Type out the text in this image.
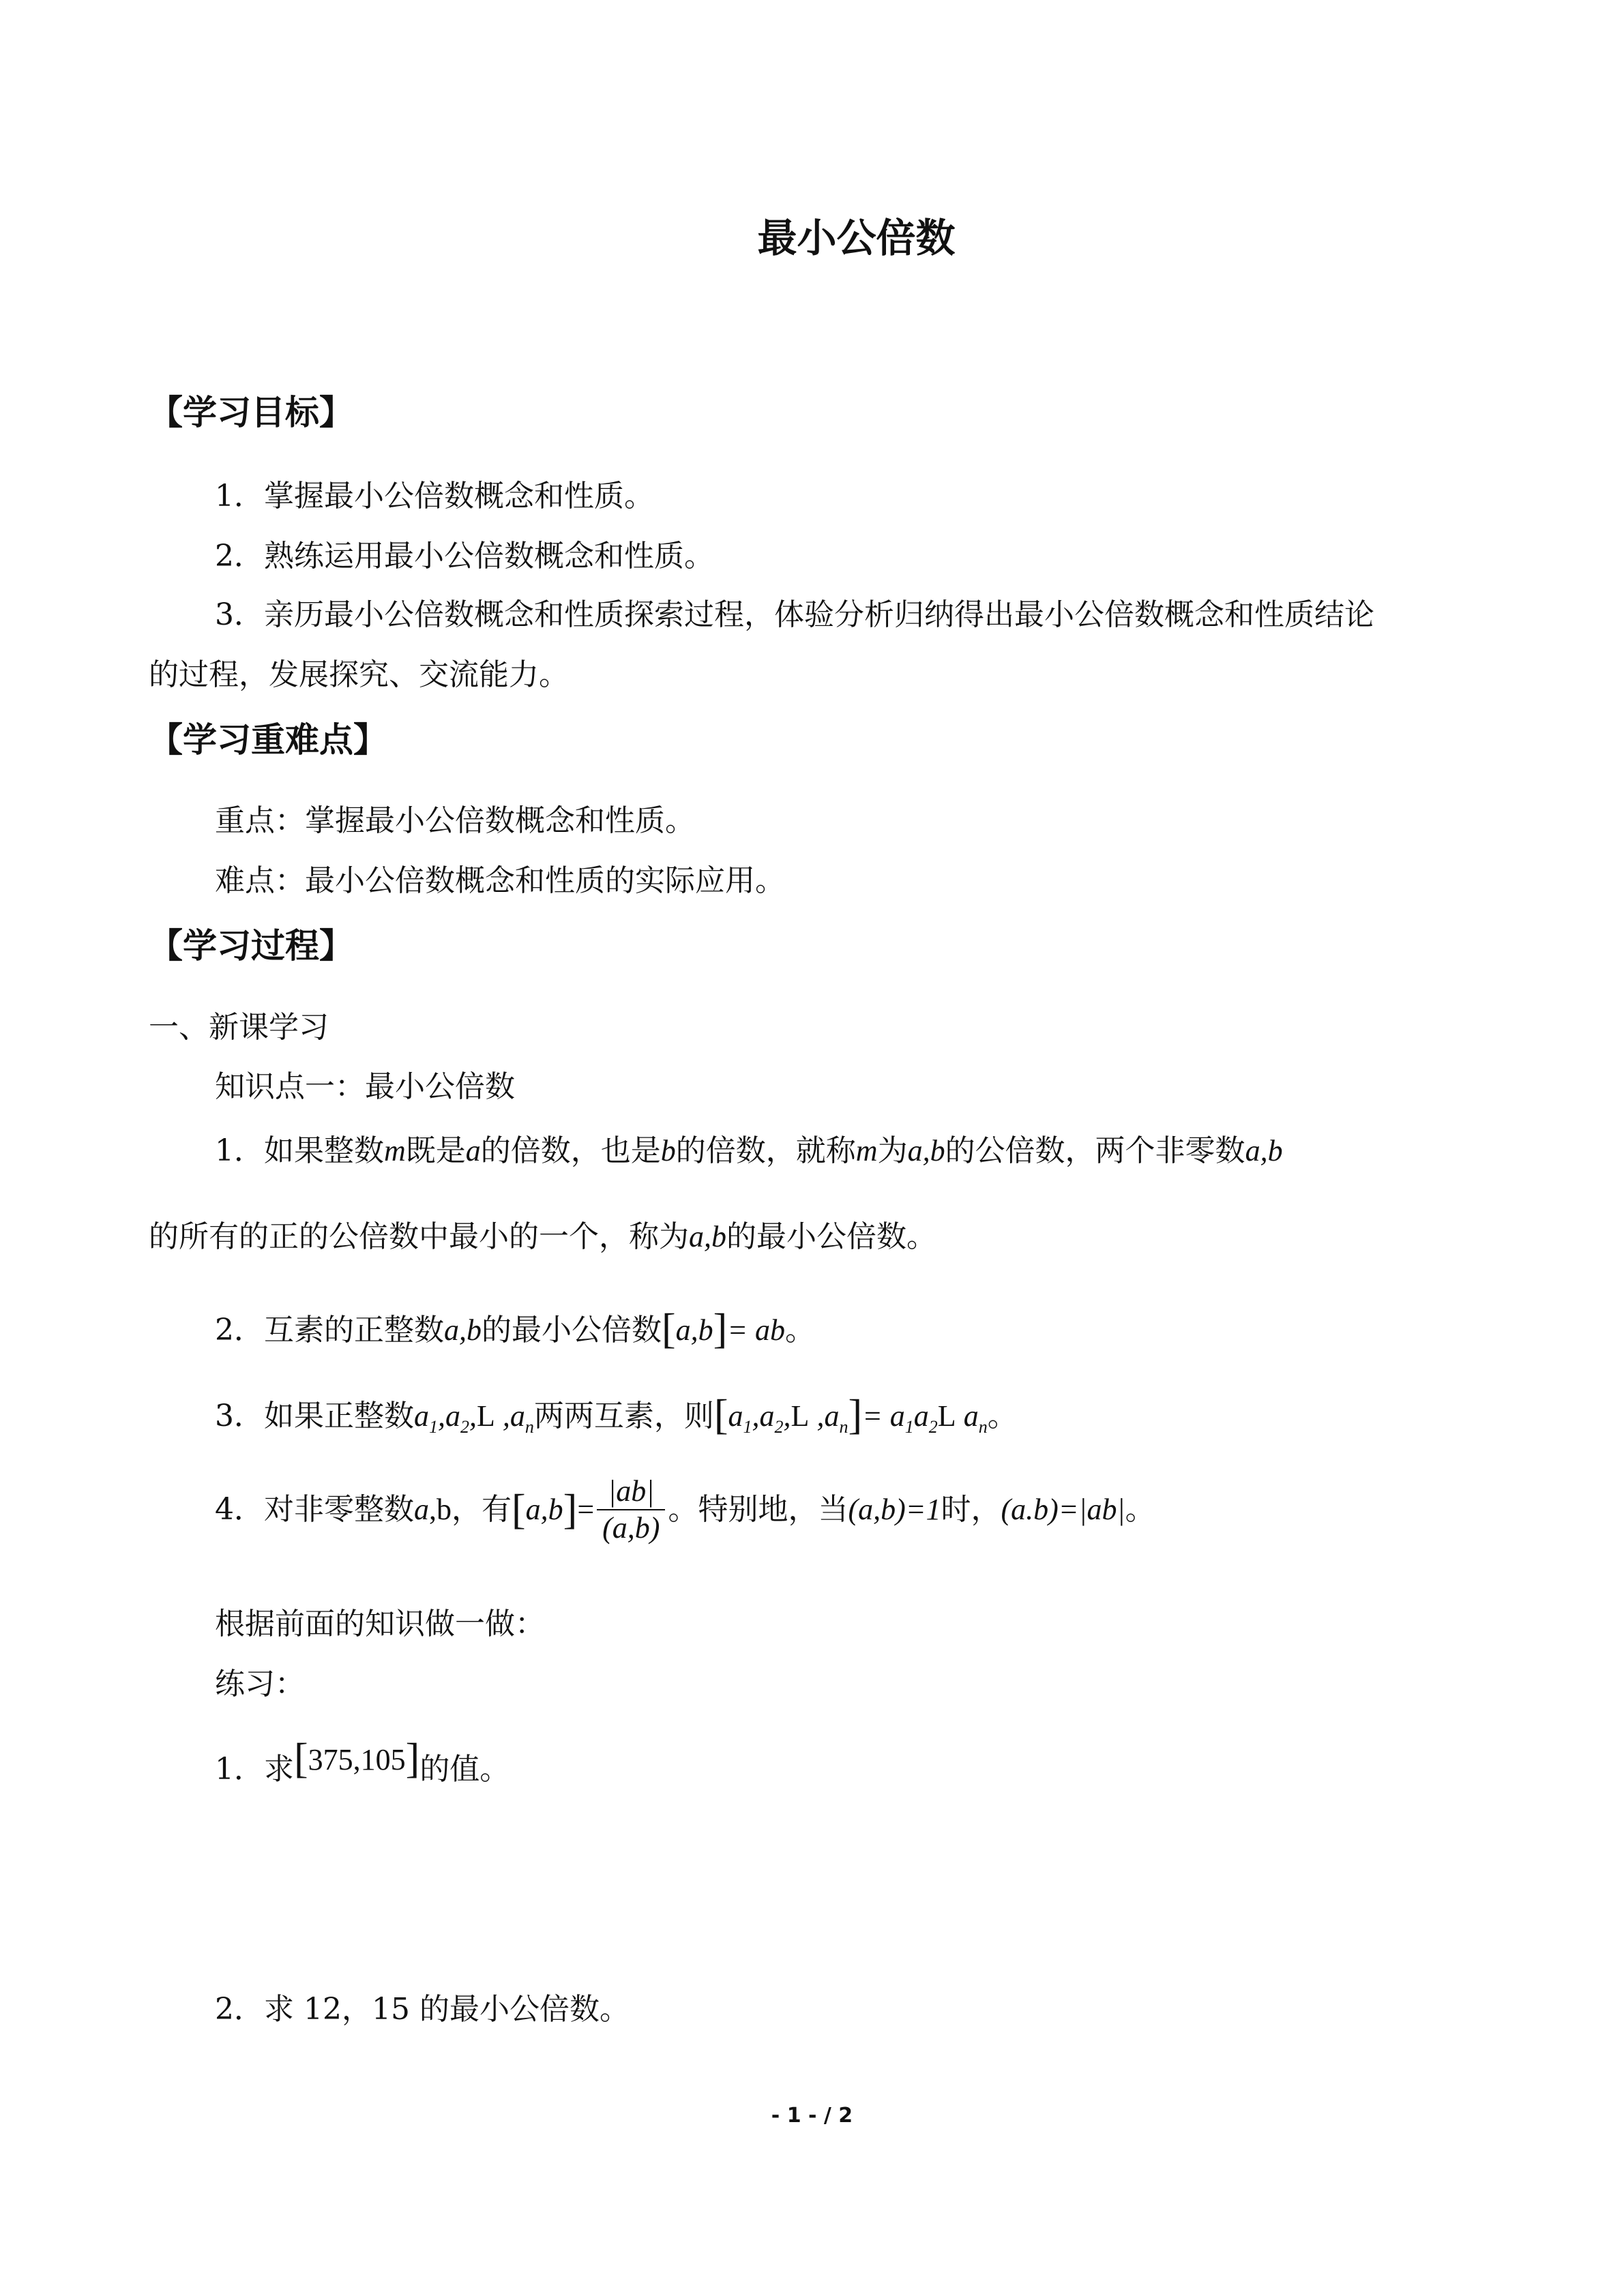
最小公倍数
【学习目标】
1．掌握最小公倍数概念和性质。
2．熟练运用最小公倍数概念和性质。
3．亲历最小公倍数概念和性质探索过程，体验分析归纳得出最小公倍数概念和性质结论
的过程，发展探究、交流能力。
【学习重难点】
重点：掌握最小公倍数概念和性质。
难点：最小公倍数概念和性质的实际应用。
【学习过程】
一、新课学习
知识点一：最小公倍数
1．如果整数m既是a的倍数，也是b的倍数，就称m为a,b的公倍数，两个非零数a,b
的所有的正的公倍数中最小的一个，称为a,b的最小公倍数。
2．互素的正整数a,b的最小公倍数[a,b]= ab。
3．如果正整数$a_1,a_2,L$ $,a_n$两两互素，则[$a_1,a_2,L$ $,a_n]= a_1a_2L$ $a_n$。
4．对非零整数a,b，有$[a,b]= \frac{|ab|}{(a,b)}$ 。特别地，当(a,b)=1时，(a.b)=|ab|。
根据前面的知识做一做：
练习：
1．求[375,105]的值。
2．求 12，15 的最小公倍数。
- 1 - / 2
